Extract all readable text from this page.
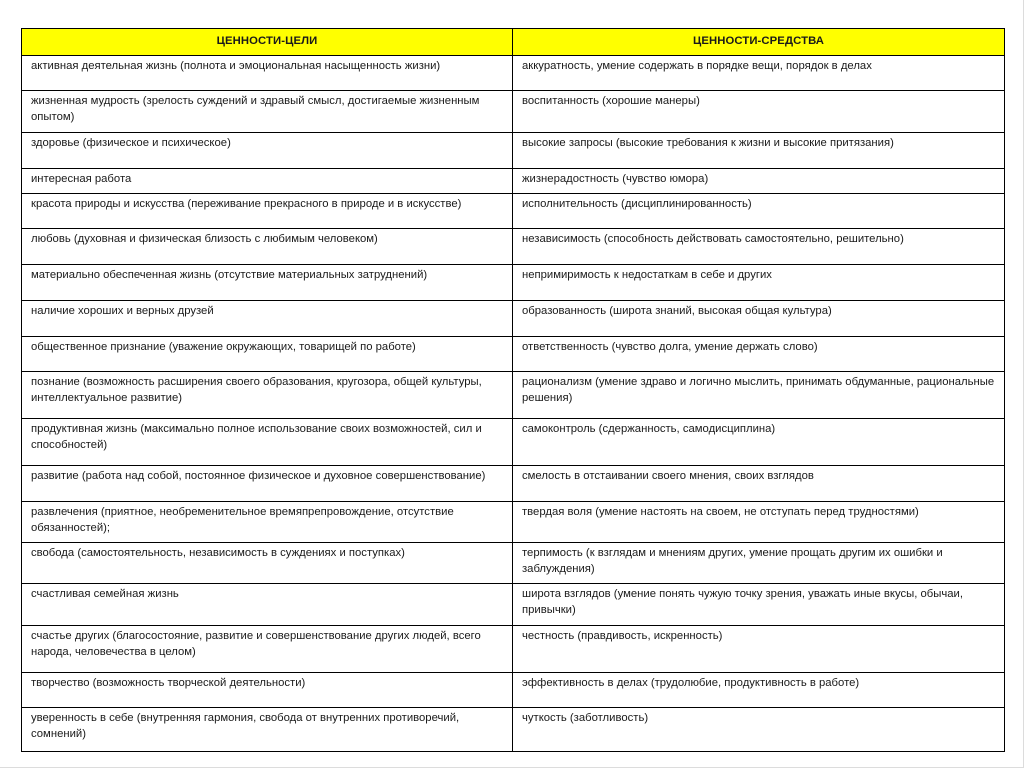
ЦЕННОСТИ-ЦЕЛИ	ЦЕННОСТИ-СРЕДСТВА
активная деятельная жизнь (полнота и эмоциональная насыщенность жизни)	аккуратность, умение содержать в порядке вещи, порядок в делах
жизненная мудрость (зрелость суждений и здравый смысл, достигаемые жизненным опытом)	воспитанность (хорошие манеры)
здоровье (физическое и психическое)	высокие запросы (высокие требования к жизни и высокие притязания)
интересная работа	жизнерадостность (чувство юмора)
красота природы и искусства (переживание прекрасного в природе и в искусстве)	исполнительность (дисциплинированность)
любовь (духовная и физическая близость с любимым человеком)	независимость (способность действовать самостоятельно, решительно)
материально обеспеченная жизнь (отсутствие материальных затруднений)	непримиримость к недостаткам в себе и других
наличие хороших и верных друзей	образованность (широта знаний, высокая общая культура)
общественное признание (уважение окружающих, товарищей по работе)	ответственность (чувство долга, умение держать слово)
познание (возможность расширения своего образования, кругозора, общей культуры, интеллектуальное развитие)	рационализм (умение здраво и логично мыслить, принимать обдуманные, рациональные решения)
продуктивная жизнь (максимально полное использование своих возможностей, сил и способностей)	самоконтроль (сдержанность, самодисциплина)
развитие (работа над собой, постоянное физическое и духовное совершенствование)	смелость в отстаивании своего мнения, своих взглядов
развлечения (приятное, необременительное времяпрепровождение, отсутствие обязанностей);	твердая воля (умение настоять на своем, не отступать перед трудностями)
свобода (самостоятельность, независимость в суждениях и поступках)	терпимость (к взглядам и мнениям других, умение прощать другим их ошибки и заблуждения)
счастливая семейная жизнь	широта взглядов (умение понять чужую точку зрения, уважать иные вкусы, обычаи, привычки)
счастье других (благосостояние, развитие и совершенствование других людей, всего народа, человечества в целом)	честность (правдивость, искренность)
творчество (возможность творческой деятельности)	эффективность в делах (трудолюбие, продуктивность в работе)
уверенность в себе (внутренняя гармония, свобода от внутренних противоречий, сомнений)	чуткость (заботливость)
